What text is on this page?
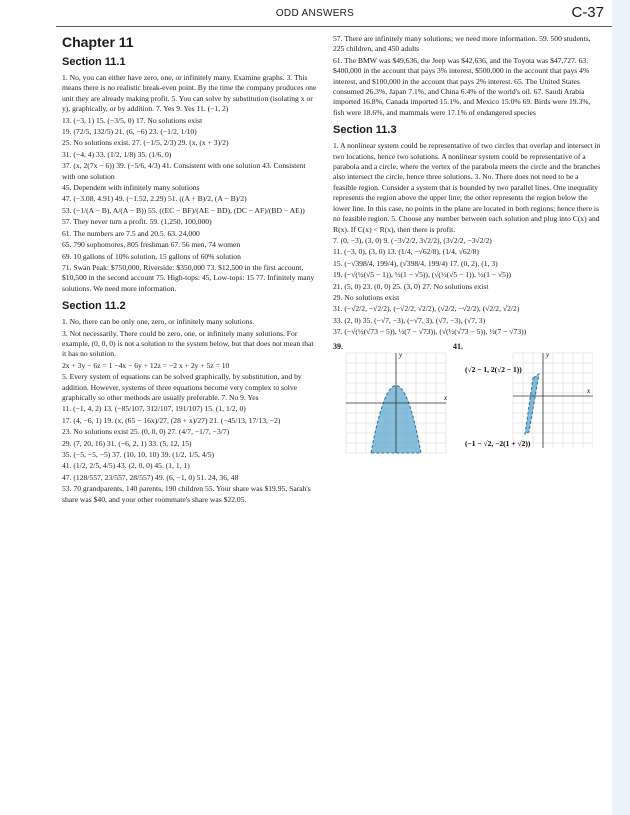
ODD ANSWERS	C-37
Chapter 11
Section 11.1

1. No, you can either have zero, one, or infinitely many. Examine graphs. 3. This means there is no realistic break-even point. By the time the company produces one unit they are already making profit. 5. You can solve by substitution (isolating x or y), graphically, or by addition. 7. Yes 9. Yes 11. (−1, 2)

13. (−3, 1) 15. (−3/5, 0) 17. No solutions exist

19. (72/5, 132/5) 21. (6, −6) 23. (−1/2, 1/10)

25. No solutions exist. 27. (−1/5, 2/3) 29. (x, (x + 3)/2)

31. (−4, 4) 33. (1/2, 1/8) 35. (1/6, 0)

37. (x, 2(7x − 6)) 39. (−5/6, 4/3) 41. Consistent with one solution 43. Consistent with one solution

45. Dependent with infinitely many solutions

47. (−3.08, 4.91) 49. (−1.52, 2.29) 51. ((A + B)/2, (A − B)/2)

53. (−1/(A − B), A/(A − B)) 55. ((EC − BF)/(AE − BD), (DC − AF)/(BD − AE))

57. They never turn a profit. 59. (1,250, 100,000)

61. The numbers are 7.5 and 20.5. 63. 24,000

65. 790 sophomores, 805 freshman 67. 56 men, 74 women

69. 10 gallons of 10% solution, 15 gallons of 60% solution

71. Swan Peak: $750,000, Riverside: $350,000 73. $12,500 in the first account, $10,500 in the second account 75. High-tops: 45, Low-tops: 15 77. Infinitely many solutions. We need more information.

Section 11.2

1. No, there can be only one, zero, or infinitely many solutions.

3. Not necessarily. There could be zero, one, or infinitely many solutions. For example, (0, 0, 0) is not a solution to the system below, but that does not mean that it has no solution.

2x + 3y − 6z = 1 −4x − 6y + 12z = −2 x + 2y + 5z = 10

5. Every system of equations can be solved graphically, by substitution, and by addition. However, systems of three equations become very complex to solve graphically so other methods are usually preferable. 7. No 9. Yes

11. (−1, 4, 2) 13. (−85/107, 312/107, 191/107) 15. (1, 1/2, 0)

17. (4, −6, 1) 19. (x, (65 − 16x)/27, (28 + x)/27) 21. (−45/13, 17/13, −2)

23. No solutions exist 25. (0, 0, 0) 27. (4/7, −1/7, −3/7)

29. (7, 20, 16) 31. (−6, 2, 1) 33. (5, 12, 15)

35. (−5, −5, −5) 37. (10, 10, 10) 39. (1/2, 1/5, 4/5)

41. (1/2, 2/5, 4/5) 43. (2, 0, 0) 45. (1, 1, 1)

47. (128/557, 23/557, 28/557) 49. (6, −1, 0) 51. 24, 36, 48

53. 70 grandparents, 140 parents, 190 children 55. Your share was $19.95, Sarah's share was $40, and your other roommate's share was $22.05.

57. There are infinitely many solutions; we need more information. 59. 500 students, 225 children, and 450 adults

61. The BMW was $49,636, the Jeep was $42,636, and the Toyota was $47,727. 63. $400,000 in the account that pays 3% interest, $500,000 in the account that pays 4% interest, and $100,000 in the account that pays 2% interest. 65. The United States consumed 26.3%, Japan 7.1%, and China 6.4% of the world's oil. 67. Saudi Arabia imported 16.8%, Canada imported 15.1%, and Mexico 15.0% 69. Birds were 19.3%, fish were 18.6%, and mammals were 17.1% of endangered species

Section 11.3

1. A nonlinear system could be representative of two circles that overlap and intersect in two locations, hence two solutions. A nonlinear system could be representative of a parabola and a circle, where the vertex of the parabola meets the circle and the branches also intersect the circle, hence three solutions. 3. No. There does not need to be a feasible region. Consider a system that is bounded by two parallel lines. One inequality represents the region above the upper line; the other represents the region below the lower line. In this case, no points in the plane are located in both regions; hence there is no feasible region. 5. Choose any number between each solution and plug into C(x) and R(x). If C(x) < R(x), then there is profit.

7. (0, −3), (3, 0) 9. (−3√2/2, 3√2/2), (3√2/2, −3√2/2)

11. (−3, 0), (3, 0) 13. (1/4, −√62/8), (1/4, √62/8)

15. (−√398/4, 199/4), (√398/4, 199/4) 17. (0, 2), (1, 3)

19. (−√(½(√5 − 1)), ½(1 − √5)), (√(½(√5 − 1)), ½(1 − √5))

21. (5, 0) 23. (0, 0) 25. (3, 0) 27. No solutions exist

29. No solutions exist

31. (−√2/2, −√2/2), (−√2/2, √2/2), (√2/2, −√2/2), (√2/2, √2/2)

33. (2, 0) 35. (−√7, −3), (−√7, 3), (√7, −3), (√7, 3)

37. (−√(½(√73 − 5)), ½(7 − √73)), (√(½(√73 − 5)), ½(7 − √73))

39.
x
y
41.
x
y
(√2 − 1, 2(√2 − 1))
(−1 − √2, −2(1 + √2))
